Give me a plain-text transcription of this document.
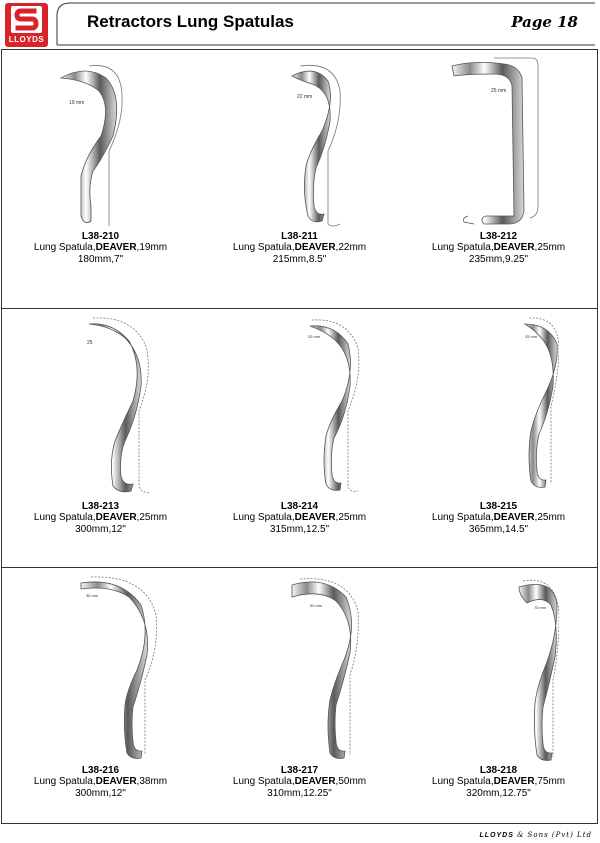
LLOYDS
Retractors Lung Spatulas	Page 18
19 mm
L38-210
Lung Spatula,DEAVER,19mm
180mm,7"
22 mm
L38-211
Lung Spatula,DEAVER,22mm
215mm,8.5"
25 mm
L38-212
Lung Spatula,DEAVER,25mm
235mm,9.25"
25
L38-213
Lung Spatula,DEAVER,25mm
300mm,12"
25 mm
L38-214
Lung Spatula,DEAVER,25mm
315mm,12.5"
25 mm
L38-215
Lung Spatula,DEAVER,25mm
365mm,14.5"
38 mm
L38-216
Lung Spatula,DEAVER,38mm
300mm,12"
50 mm
L38-217
Lung Spatula,DEAVER,50mm
310mm,12.25"
75 mm
L38-218
Lung Spatula,DEAVER,75mm
320mm,12.75"
LLOYDS & Sons (Pvt) Ltd
